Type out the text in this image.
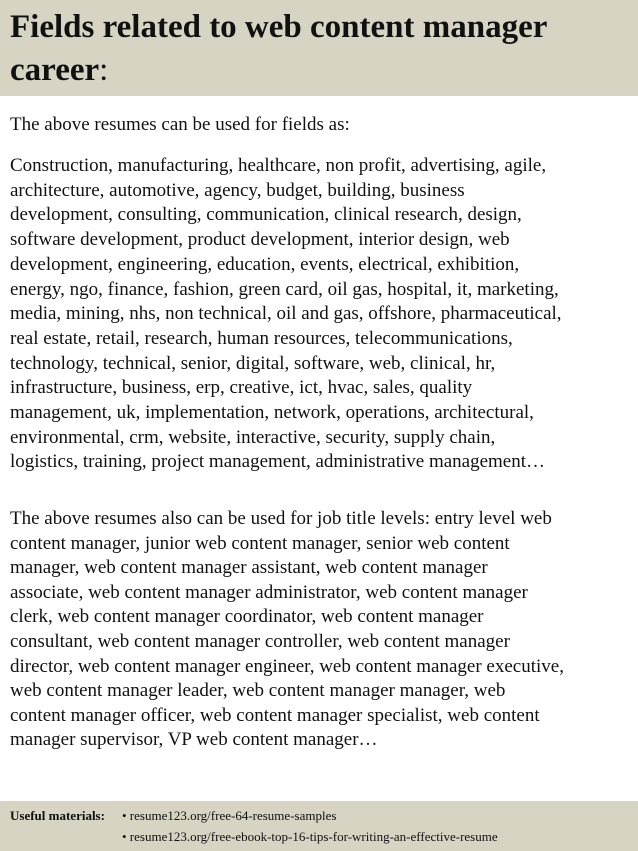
Fields related to web content manager career:

The above resumes can be used for fields as:

Construction, manufacturing, healthcare, non profit, advertising, agile,
architecture, automotive, agency, budget, building, business
development, consulting, communication, clinical research, design,
software development, product development, interior design, web
development, engineering, education, events, electrical, exhibition,
energy, ngo, finance, fashion, green card, oil gas, hospital, it, marketing,
media, mining, nhs, non technical, oil and gas, offshore, pharmaceutical,
real estate, retail, research, human resources, telecommunications,
technology, technical, senior, digital, software, web, clinical, hr,
infrastructure, business, erp, creative, ict, hvac, sales, quality
management, uk, implementation, network, operations, architectural,
environmental, crm, website, interactive, security, supply chain,
logistics, training, project management, administrative management…

The above resumes also can be used for job title levels: entry level web
content manager, junior web content manager, senior web content
manager, web content manager assistant, web content manager
associate, web content manager administrator, web content manager
clerk, web content manager coordinator, web content manager
consultant, web content manager controller, web content manager
director, web content manager engineer, web content manager executive,
web content manager leader, web content manager manager, web
content manager officer, web content manager specialist, web content
manager supervisor, VP web content manager…

Useful materials: • resume123.org/free-64-resume-samples
• resume123.org/free-ebook-top-16-tips-for-writing-an-effective-resume
